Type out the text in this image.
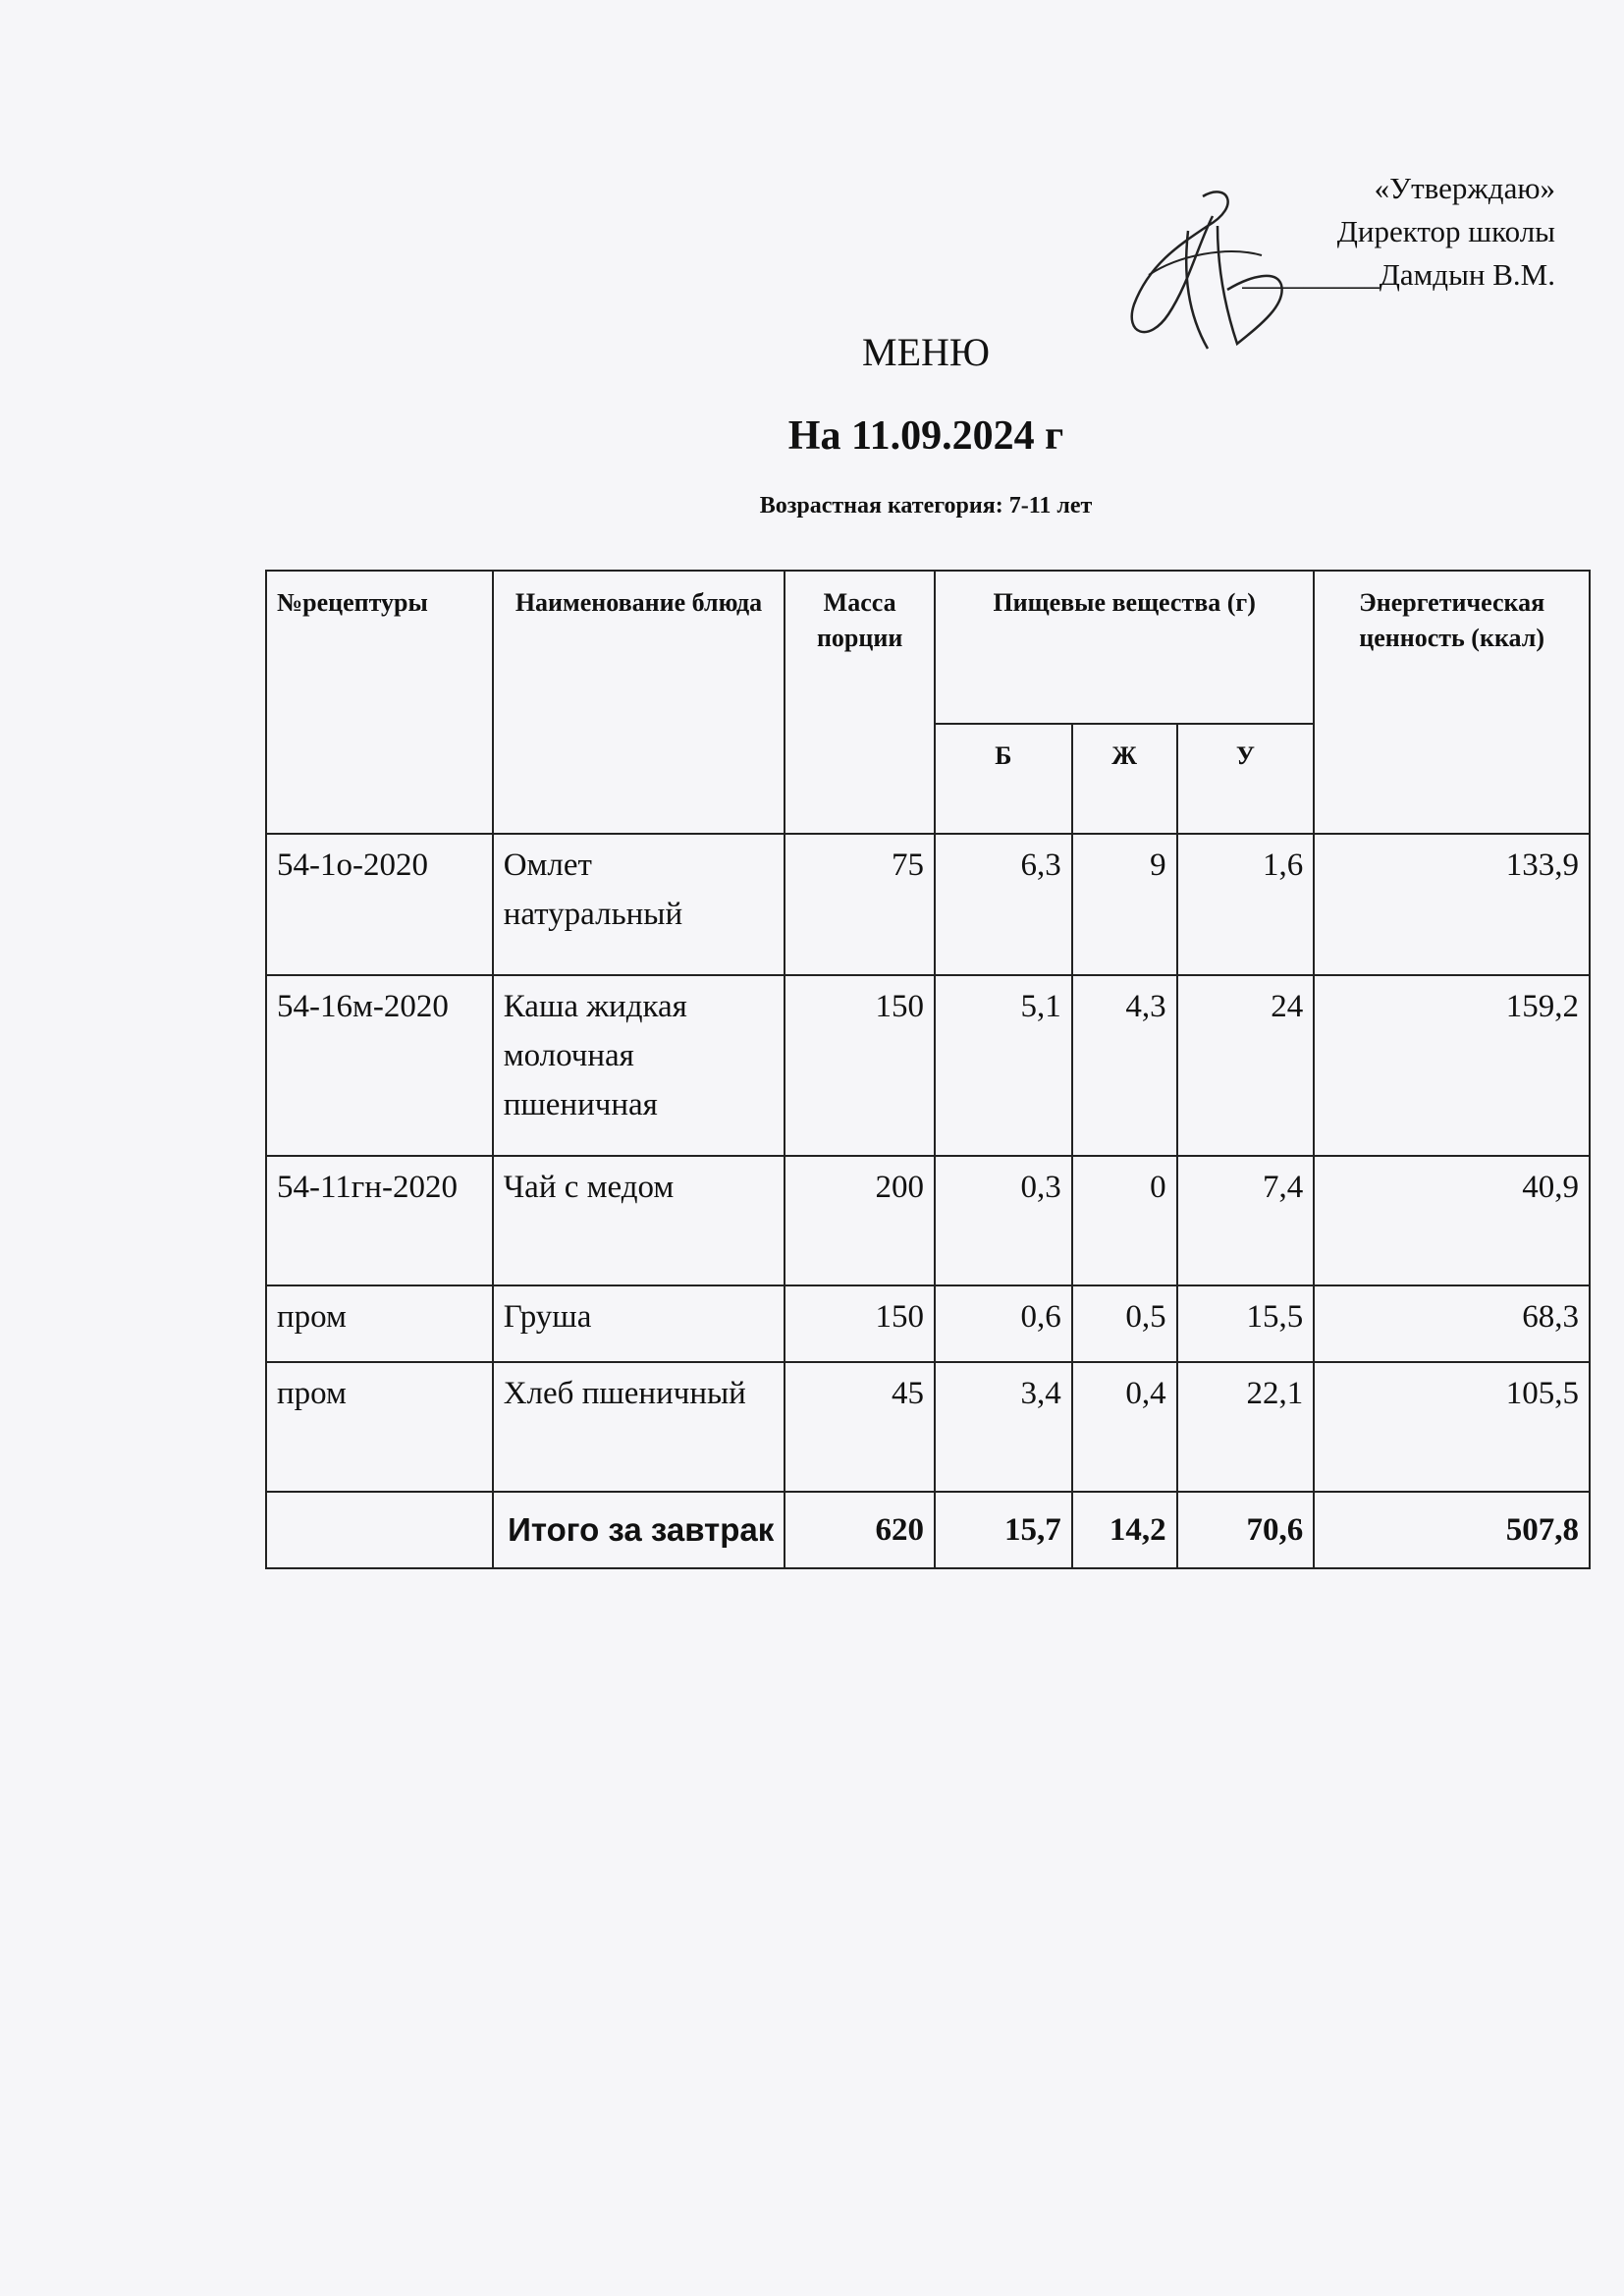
«Утверждаю»
Директор школы
_________Дамдын В.М.
МЕНЮ
На 11.09.2024 г
Возрастная категория: 7-11 лет
№рецептуры	Наименование блюда	Масса порции	Пищевые вещества (г)			Энергетическая ценность (ккал)
			Б	Ж	У	
54-1о-2020	Омлет натуральный	75	6,3	9	1,6	133,9
54-16м-2020	Каша жидкая молочная пшеничная	150	5,1	4,3	24	159,2
54-11гн-2020	Чай с медом	200	0,3	0	7,4	40,9
пром	Груша	150	0,6	0,5	15,5	68,3
пром	Хлеб пшеничный	45	3,4	0,4	22,1	105,5
	Итого за завтрак	620	15,7	14,2	70,6	507,8
